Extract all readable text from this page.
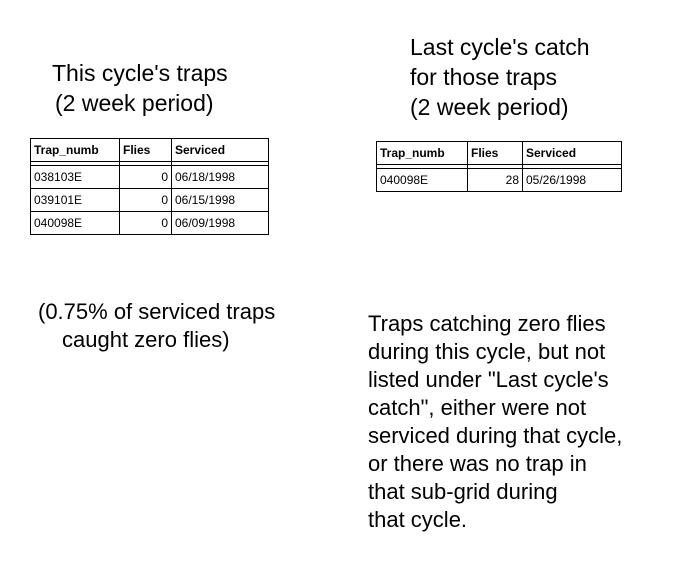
This cycle's traps
(2 week period)
Last cycle's catch
for those traps
(2 week period)
Trap_numb	Flies	Serviced

038103E	0	06/18/1998
039101E	0	06/15/1998
040098E	0	06/09/1998
Trap_numb	Flies	Serviced

040098E	28	05/26/1998

(0.75% of serviced traps
caught zero flies)

Traps catching zero flies
during this cycle, but not
listed under "Last cycle's
catch", either were not
serviced during that cycle,
or there was no trap in
that sub-grid during
that cycle.
